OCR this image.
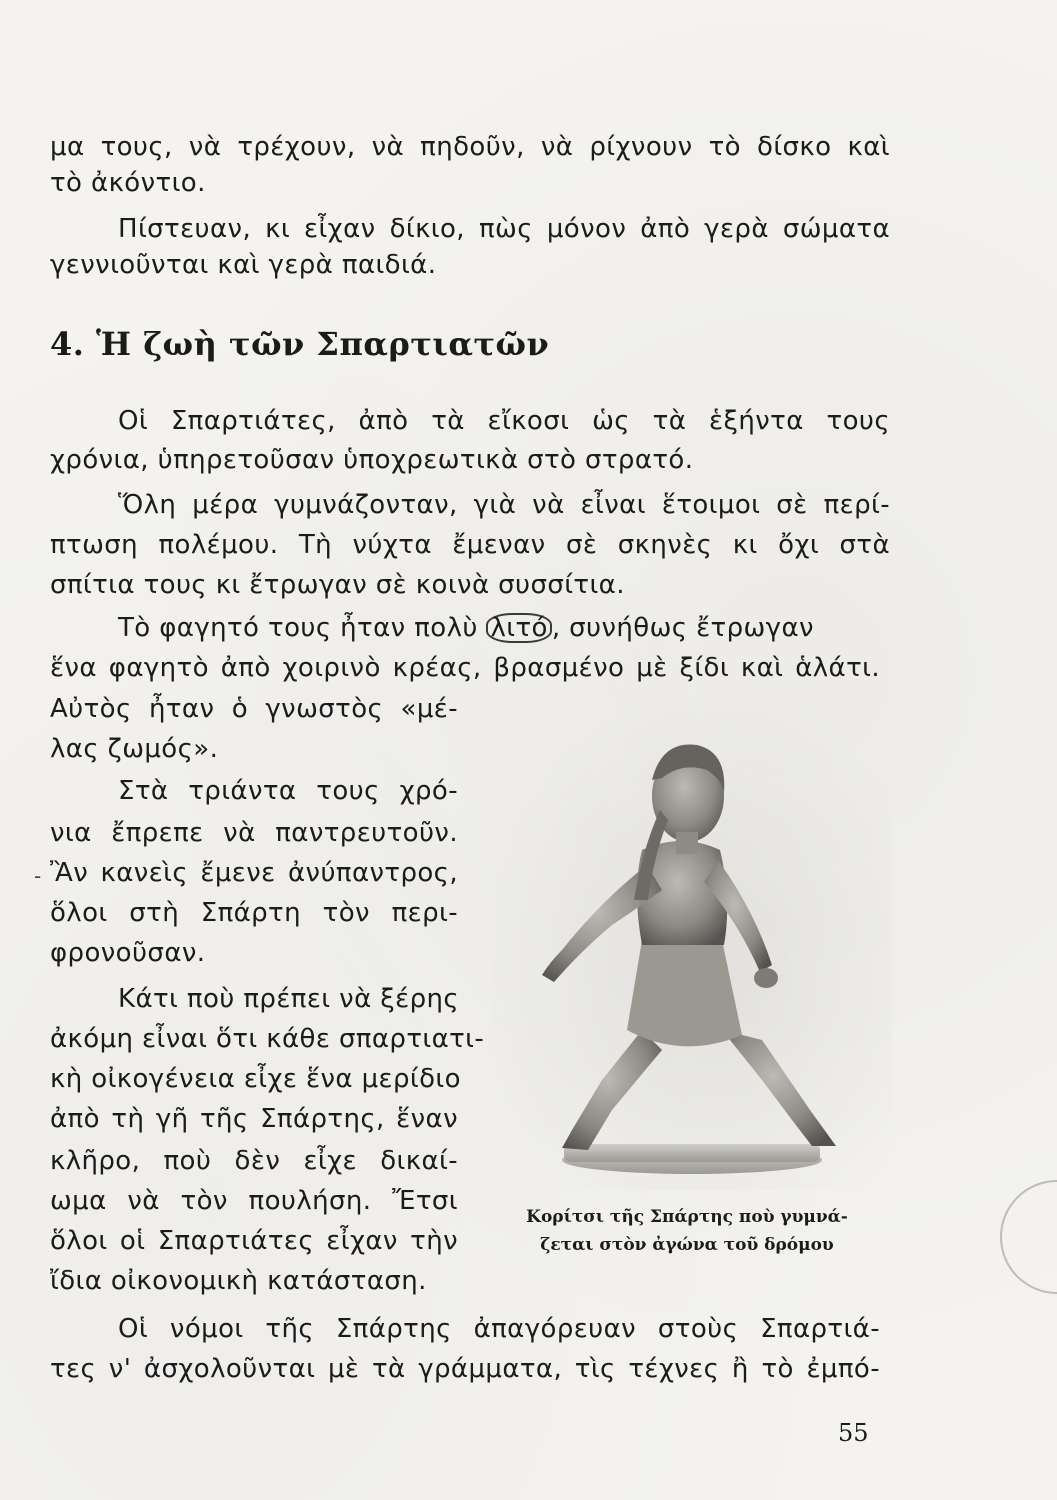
μα τους, νὰ τρέχουν, νὰ πηδοῦν, νὰ ρίχνουν τὸ δίσκο καὶ
τὸ ἀκόντιο.
Πίστευαν, κι εἶχαν δίκιο, πὼς μόνον ἀπὸ γερὰ σώματα
γεννιοῦνται καὶ γερὰ παιδιά.
4. Ἡ ζωὴ τῶν Σπαρτιατῶν
Οἱ Σπαρτιάτες, ἀπὸ τὰ εἴκοσι ὡς τὰ ἑξήντα τους
χρόνια, ὑπηρετοῦσαν ὑποχρεωτικὰ στὸ στρατό.
Ὅλη μέρα γυμνάζονταν, γιὰ νὰ εἶναι ἕτοιμοι σὲ περί-
πτωση πολέμου. Τὴ νύχτα ἔμεναν σὲ σκηνὲς κι ὄχι στὰ
σπίτια τους κι ἔτρωγαν σὲ κοινὰ συσσίτια.
Τὸ φαγητό τους ἦταν πολὺ λιτό , συνήθως ἔτρωγαν
ἕνα φαγητὸ ἀπὸ χοιρινὸ κρέας, βρασμένο μὲ ξίδι καὶ ἁλάτι.
Αὐτὸς ἦταν ὁ γνωστὸς «μέ-
λας ζωμός».
Στὰ τριάντα τους χρό-
νια ἔπρεπε νὰ παντρευτοῦν.
Ἂν κανεὶς ἔμενε ἀνύπαντρος,
ὅλοι στὴ Σπάρτη τὸν περι-
φρονοῦσαν.
Κάτι ποὺ πρέπει νὰ ξέρης
ἀκόμη εἶναι ὅτι κάθε σπαρτιατι-
κὴ οἰκογένεια εἶχε ἕνα μερίδιο
ἀπὸ τὴ γῆ τῆς Σπάρτης, ἕναν
κλῆρο, ποὺ δὲν εἶχε δικαί-
ωμα νὰ τὸν πουλήση. Ἔτσι
ὅλοι οἱ Σπαρτιάτες εἶχαν τὴν
ἴδια οἰκονομικὴ κατάσταση.
Οἱ νόμοι τῆς Σπάρτης ἀπαγόρευαν στοὺς Σπαρτιά-
τες ν' ἀσχολοῦνται μὲ τὰ γράμματα, τὶς τέχνες ἢ τὸ ἐμπό-
Κορίτσι τῆς Σπάρτης ποὺ γυμνά-
ζεται στὸν ἀγώνα τοῦ δρόμου
-
55
